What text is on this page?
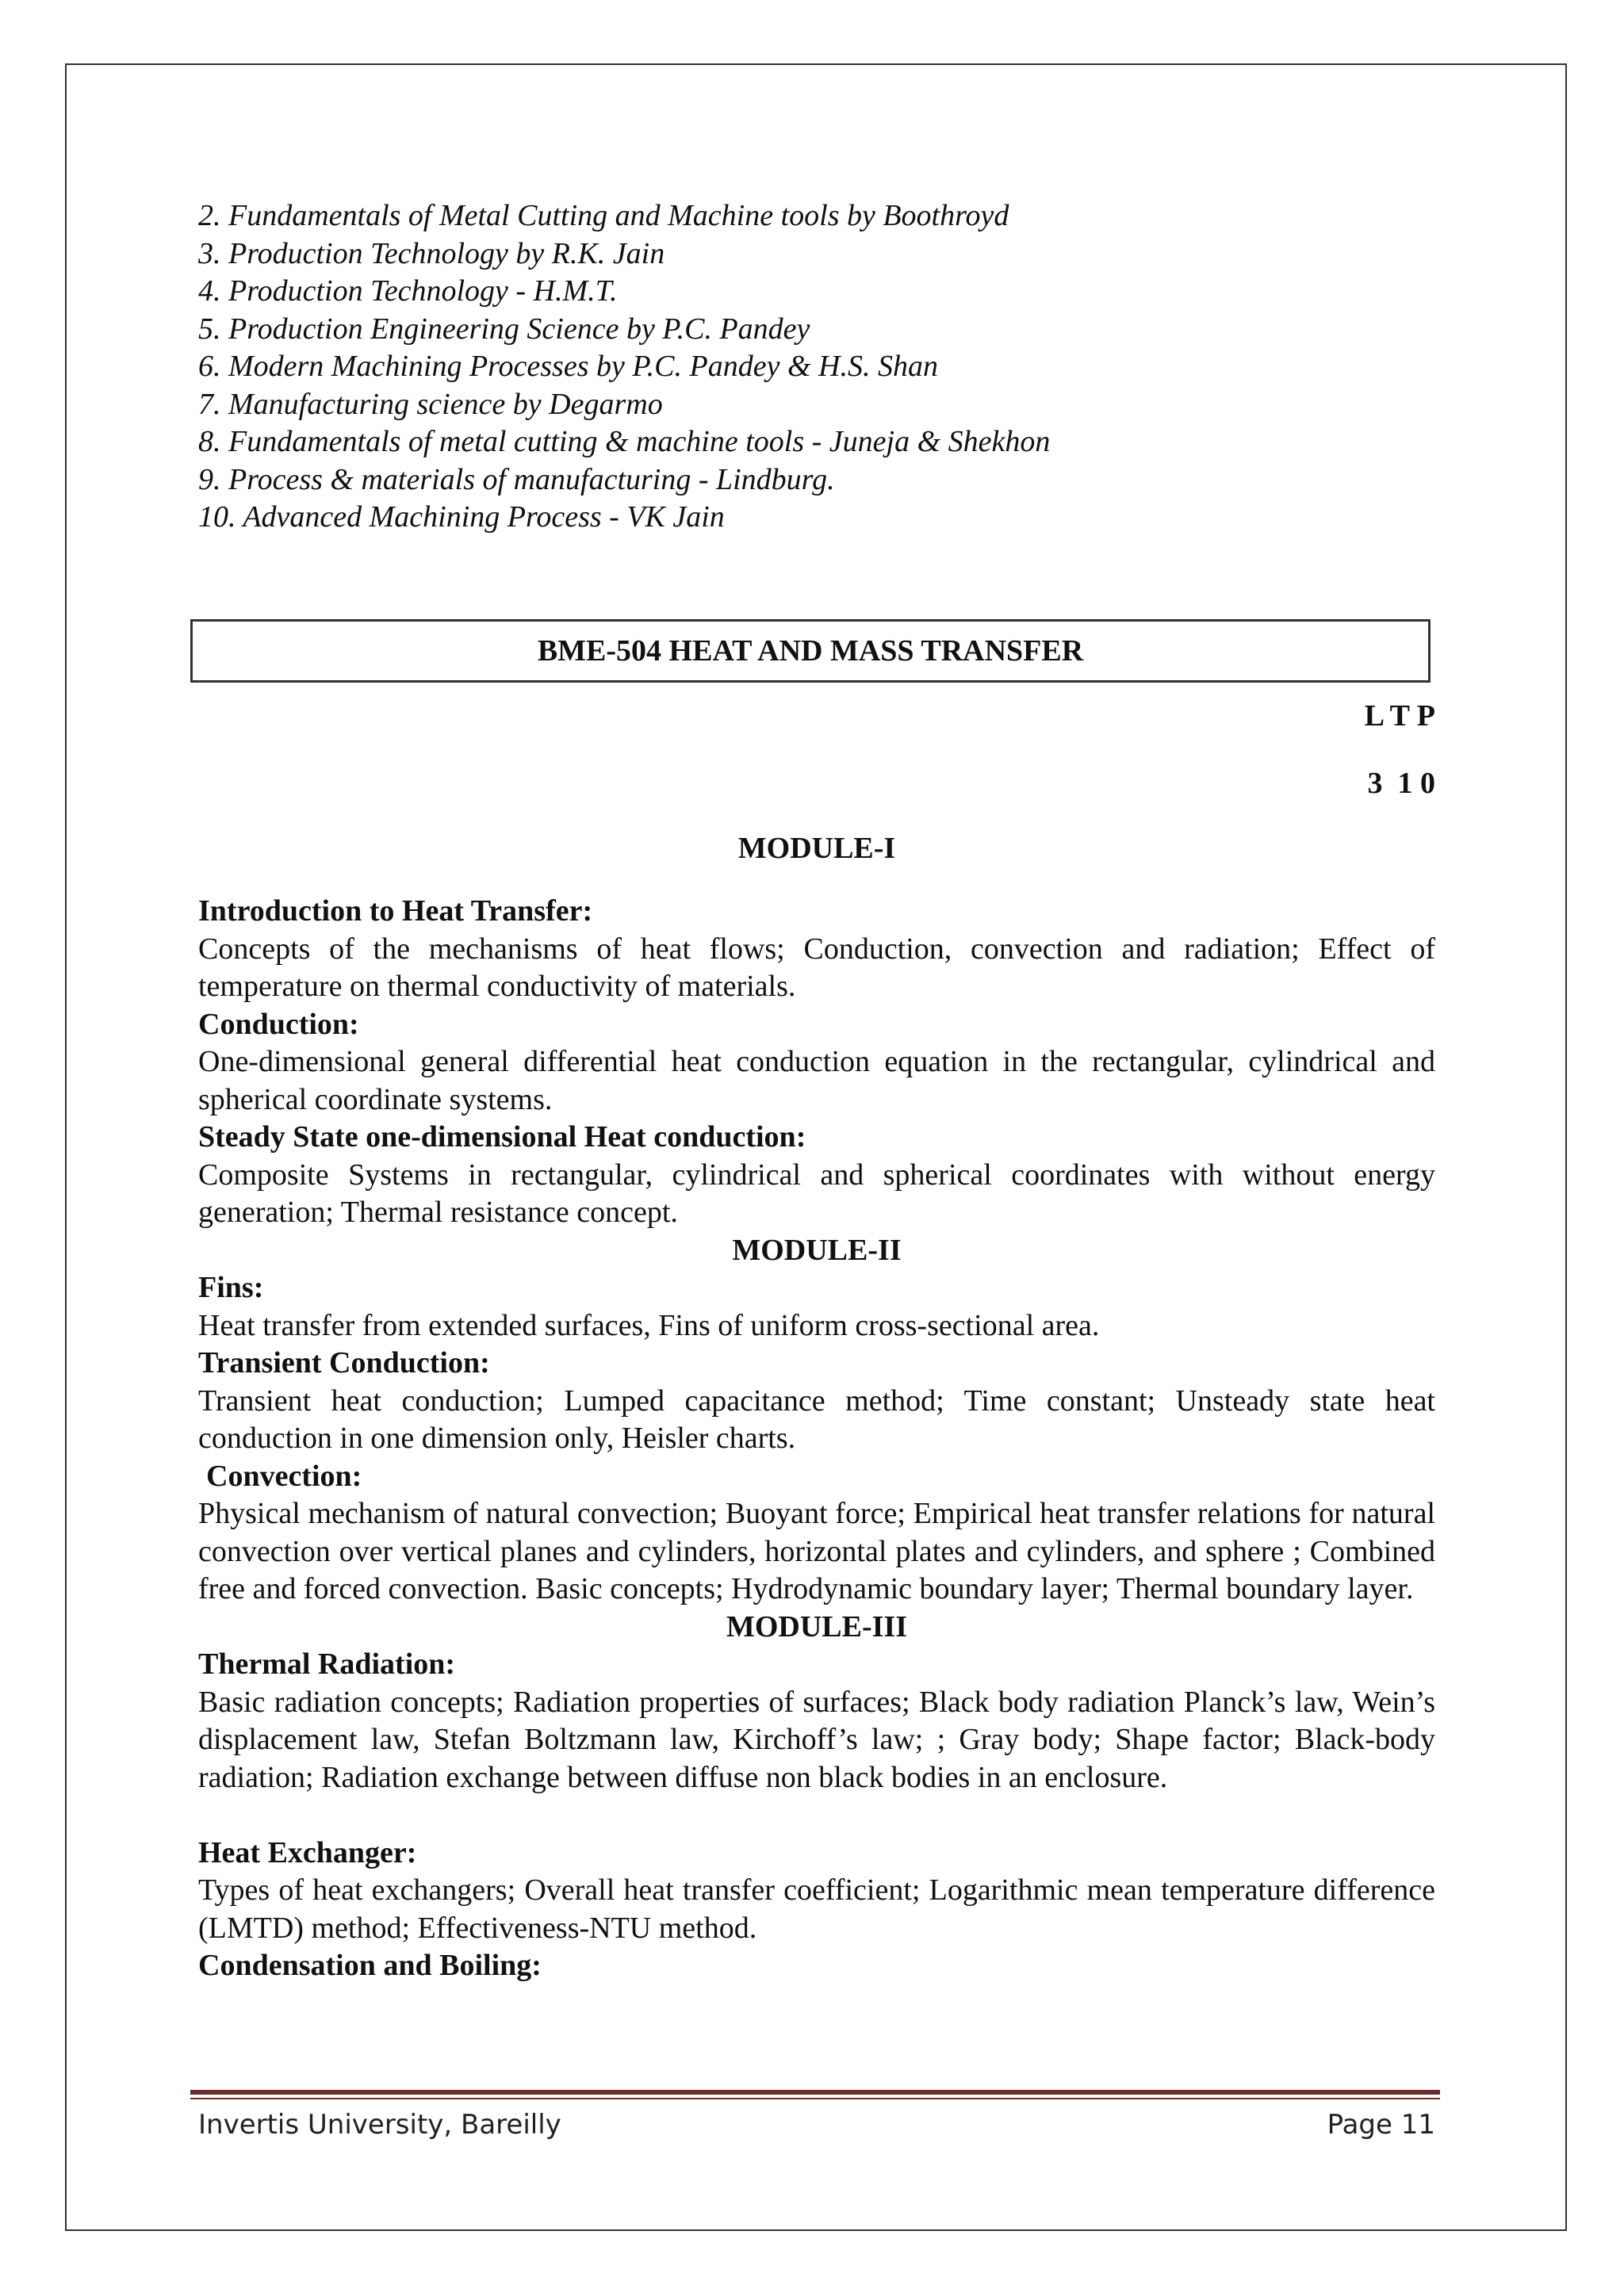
2. Fundamentals of Metal Cutting and Machine tools by Boothroyd
3. Production Technology by R.K. Jain
4. Production Technology - H.M.T.
5. Production Engineering Science by P.C. Pandey
6. Modern Machining Processes by P.C. Pandey & H.S. Shan
7. Manufacturing science by Degarmo
8. Fundamentals of metal cutting & machine tools - Juneja & Shekhon
9. Process & materials of manufacturing - Lindburg.
10. Advanced Machining Process - VK Jain
BME-504 HEAT AND MASS TRANSFER
L T P
3  1 0
MODULE-I
Introduction to Heat Transfer:
Concepts of the mechanisms of heat flows; Conduction, convection and radiation; Effect of temperature on thermal conductivity of materials.
Conduction:
One-dimensional general differential heat conduction equation in the rectangular, cylindrical and spherical coordinate systems.
Steady State one-dimensional Heat conduction:
Composite Systems in rectangular, cylindrical and spherical coordinates with without energy generation; Thermal resistance concept.
MODULE-II
Fins:
Heat transfer from extended surfaces, Fins of uniform cross-sectional area.
Transient Conduction:
Transient heat conduction; Lumped capacitance method; Time constant; Unsteady state heat conduction in one dimension only, Heisler charts.
Convection:
Physical mechanism of natural convection; Buoyant force; Empirical heat transfer relations for natural convection over vertical planes and cylinders, horizontal plates and cylinders, and sphere ; Combined free and forced convection. Basic concepts; Hydrodynamic boundary layer; Thermal boundary layer.
MODULE-III
Thermal Radiation:
Basic radiation concepts; Radiation properties of surfaces; Black body radiation Planck’s law, Wein’s displacement law, Stefan Boltzmann law, Kirchoff’s law; ; Gray body; Shape factor; Black-body radiation; Radiation exchange between diffuse non black bodies in an enclosure.
Heat Exchanger:
Types of heat exchangers; Overall heat transfer coefficient; Logarithmic mean temperature difference (LMTD) method; Effectiveness-NTU method.
Condensation and Boiling:
Invertis University, Bareilly	Page 11
